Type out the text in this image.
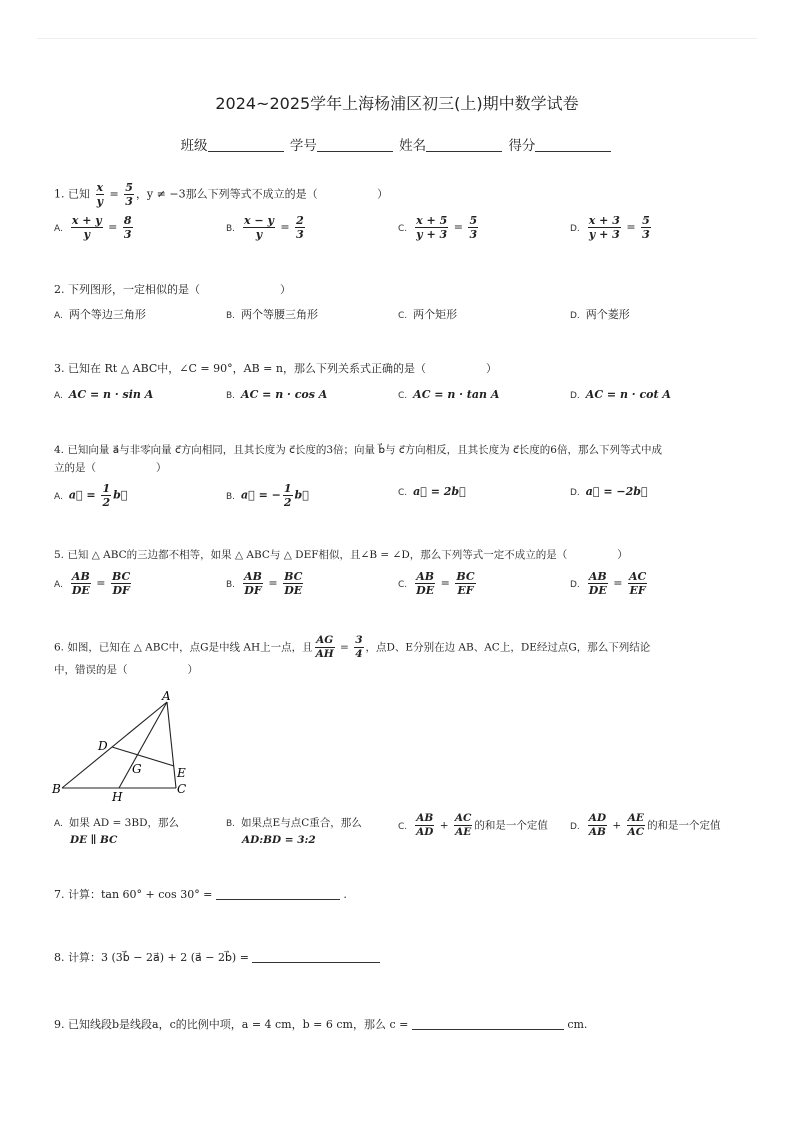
2024~2025学年上海杨浦区初三(上)期中数学试卷
班级	学号	姓名	得分
1. 已知 $\frac{x}{y} = \frac{5}{3}$ ，y ≠ −3那么下列等式不成立的是（	）
A. $\frac{x + y}{y} = \frac{8}{3}$	B. $\frac{x - y}{y} = \frac{2}{3}$	C. $\frac{x + 5}{y + 3} = \frac{5}{3}$	D. $\frac{x + 3}{y + 3} = \frac{5}{3}$
2. 下列图形，一定相似的是（	）
A. 两个等边三角形	B. 两个等腰三角形	C. 两个矩形	D. 两个菱形
3. 已知在 Rt △ ABC中，∠C = 90°，AB = n，那么下列关系式正确的是（	）
A. AC = n · sin A	B. AC = n · cos A	C. AC = n · tan A	D. AC = n · cot A
4. 已知向量 a⃗与非零向量 c⃗方向相同，且其长度为 c⃗长度的3倍；向量 b⃗与 c⃗方向相反，且其长度为 c⃗长度的6倍，那么下列等式中成
立的是（	）
A. a⃗ = $\frac{1}{2}$ b⃗	B. a⃗ = − $\frac{1}{2}$ b⃗	C. a⃗ = 2b⃗	D. a⃗ = −2b⃗
5. 已知 △ ABC的三边都不相等，如果 △ ABC与 △ DEF相似，且∠B = ∠D，那么下列等式一定不成立的是（	）
A. $\frac{AB}{DE} = \frac{BC}{DF}$	B. $\frac{AB}{DF} = \frac{BC}{DE}$	C. $\frac{AB}{DE} = \frac{BC}{EF}$	D. $\frac{AB}{DE} = \frac{AC}{EF}$
6. 如图，已知在 △ ABC中，点G是中线 AH上一点，且 $\frac{AG}{AH} = \frac{3}{4}$ ，点D、E分别在边 AB、AC上，DE经过点G，那么下列结论
中，错误的是（	）
A
B	C
D
E
G
H
A. 如果 AD = 3BD，那么
DE ∥ BC
B. 如果点E与点C重合，那么
AD:BD = 3:2
C. $\frac{AB}{AD} + \frac{AC}{AE}$ 的和是一个定值 D. $\frac{AD}{AB} + \frac{AE}{AC}$ 的和是一个定值
7. 计算：tan 60° + cos 30° =	.
8. 计算：3 (3b⃗ − 2a⃗) + 2 (a⃗ − 2b⃗) =
9. 已知线段b是线段a，c的比例中项，a = 4 cm，b = 6 cm，那么 c =	cm.
